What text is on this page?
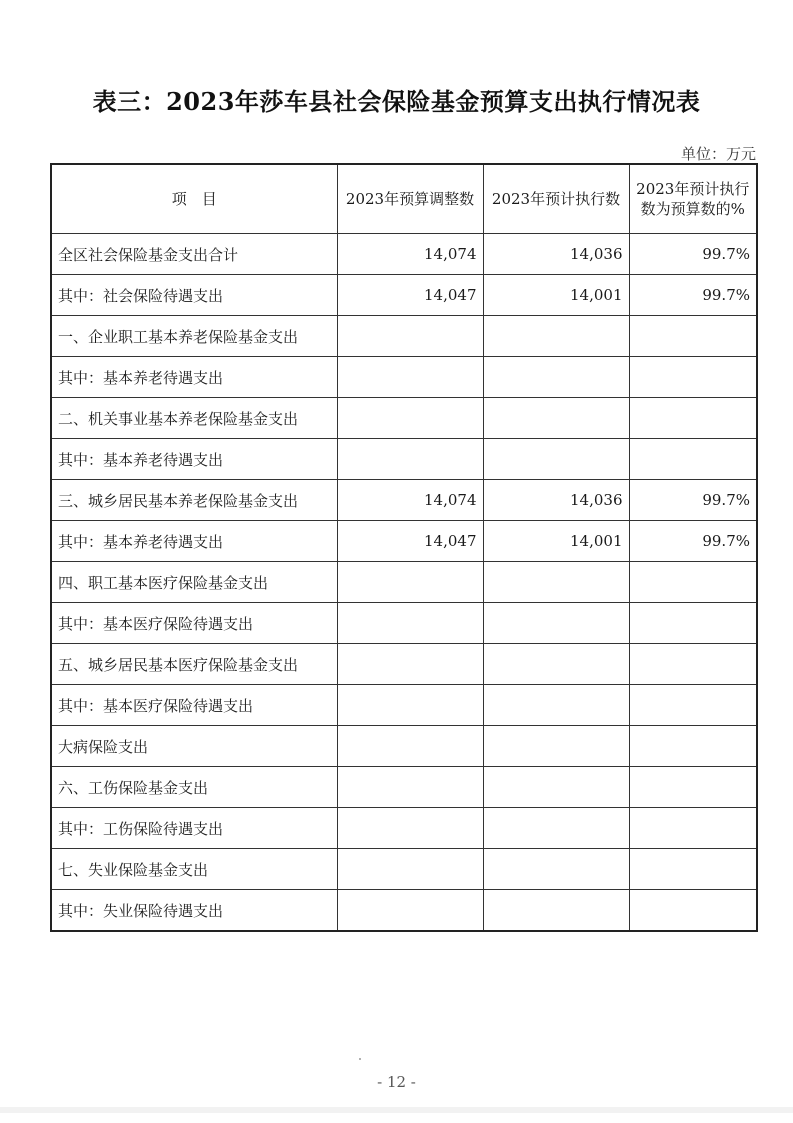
表三：2023年莎车县社会保险基金预算支出执行情况表
单位：万元
项　目	2023年预算调整数	2023年预计执行数	2023年预计执行数为预算数的%
全区社会保险基金支出合计	14,074	14,036	99.7%
其中：社会保险待遇支出	14,047	14,001	99.7%
一、企业职工基本养老保险基金支出			
其中：基本养老待遇支出			
二、机关事业基本养老保险基金支出			
其中：基本养老待遇支出			
三、城乡居民基本养老保险基金支出	14,074	14,036	99.7%
其中：基本养老待遇支出	14,047	14,001	99.7%
四、职工基本医疗保险基金支出			
其中：基本医疗保险待遇支出			
五、城乡居民基本医疗保险基金支出			
其中：基本医疗保险待遇支出			
大病保险支出			
六、工伤保险基金支出			
其中：工伤保险待遇支出			
七、失业保险基金支出			
其中：失业保险待遇支出			
- 12 -
